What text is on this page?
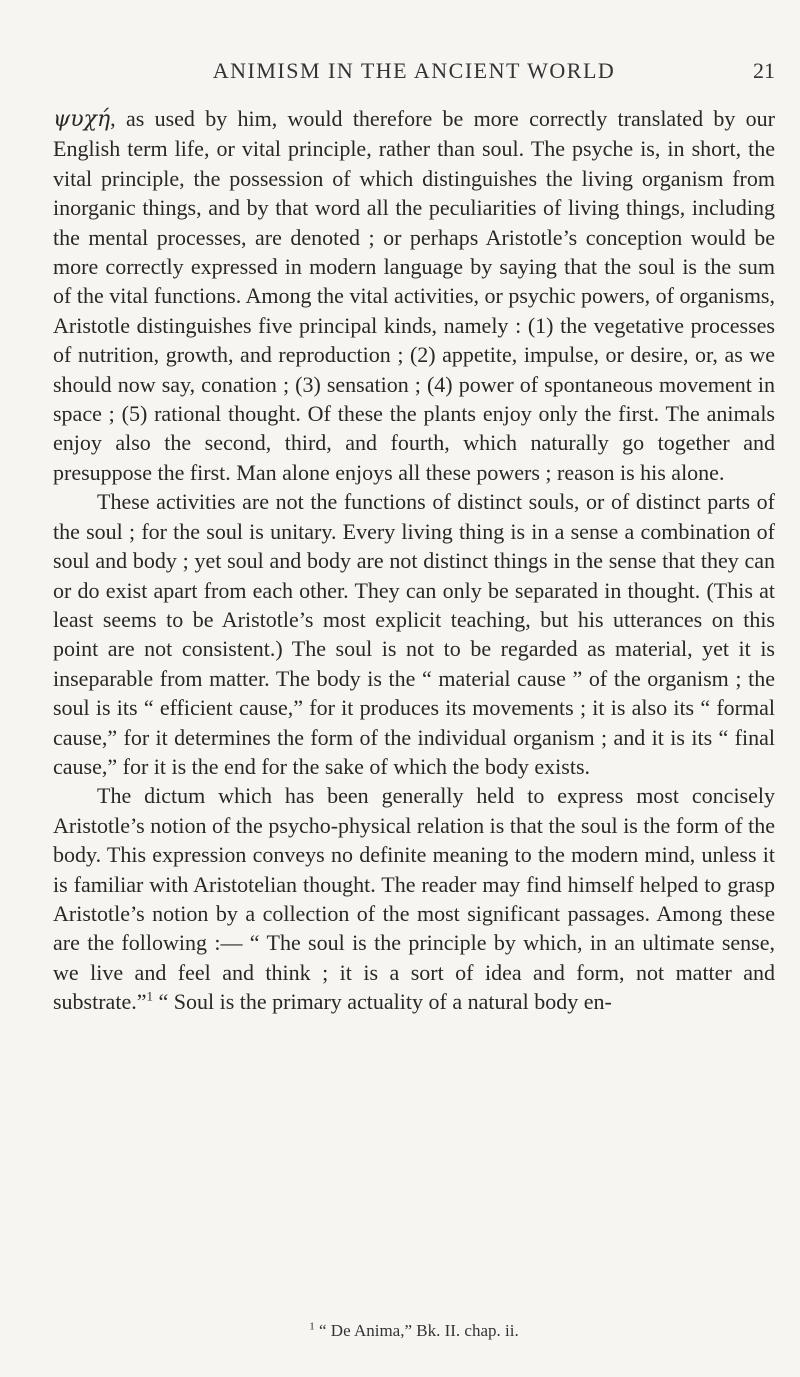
ANIMISM IN THE ANCIENT WORLD	21

ψυχή, as used by him, would therefore be more correctly translated by our English term life, or vital principle, rather than soul. The psyche is, in short, the vital principle, the possession of which distinguishes the living organism from inorganic things, and by that word all the peculiarities of living things, including the mental processes, are denoted ; or perhaps Aristotle’s conception would be more correctly expressed in modern language by saying that the soul is the sum of the vital functions. Among the vital activities, or psychic powers, of organisms, Aristotle distinguishes five principal kinds, namely : (1) the vegetative processes of nutrition, growth, and reproduction ; (2) appetite, impulse, or desire, or, as we should now say, conation ; (3) sensation ; (4) power of spontaneous movement in space ; (5) rational thought. Of these the plants enjoy only the first. The animals enjoy also the second, third, and fourth, which naturally go together and presuppose the first. Man alone enjoys all these powers ; reason is his alone.

These activities are not the functions of distinct souls, or of distinct parts of the soul ; for the soul is unitary. Every living thing is in a sense a combination of soul and body ; yet soul and body are not distinct things in the sense that they can or do exist apart from each other. They can only be separated in thought. (This at least seems to be Aristotle’s most explicit teaching, but his utterances on this point are not consistent.) The soul is not to be regarded as material, yet it is inseparable from matter. The body is the “ material cause ” of the organism ; the soul is its “ efficient cause,” for it produces its movements ; it is also its “ formal cause,” for it determines the form of the individual organism ; and it is its “ final cause,” for it is the end for the sake of which the body exists.

The dictum which has been generally held to express most concisely Aristotle’s notion of the psycho-physical relation is that the soul is the form of the body. This expression conveys no definite meaning to the modern mind, unless it is familiar with Aristotelian thought. The reader may find himself helped to grasp Aristotle’s notion by a collection of the most significant passages. Among these are the following :— “ The soul is the principle by which, in an ultimate sense, we live and feel and think ; it is a sort of idea and form, not matter and substrate.”$^1$ “ Soul is the primary actuality of a natural body en-

$^1$ “ De Anima,” Bk. II. chap. ii.
